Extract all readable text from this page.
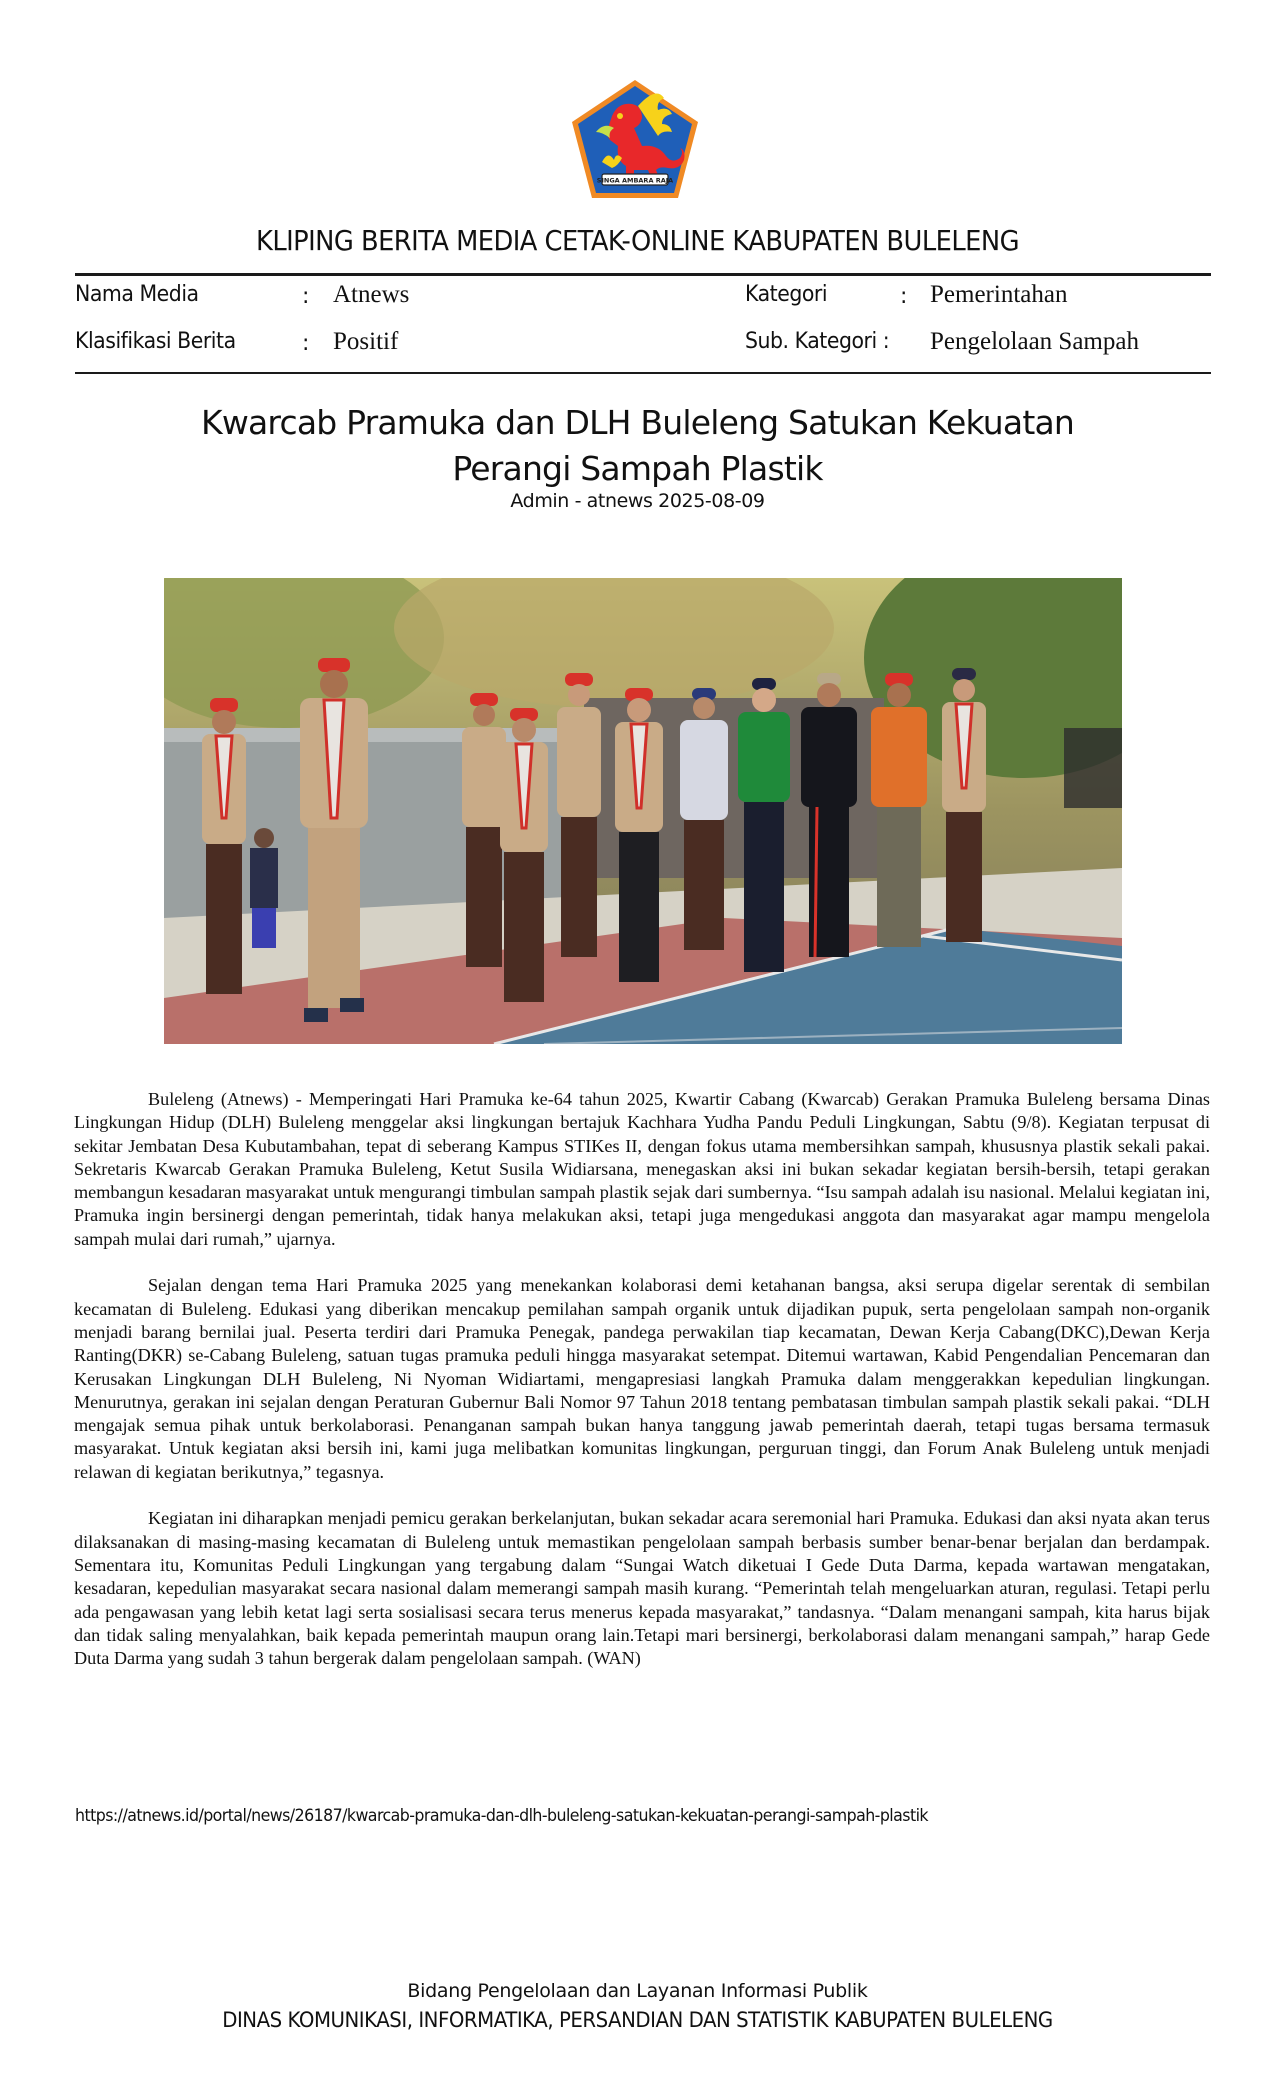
SINGA AMBARA RAJA
KLIPING BERITA MEDIA CETAK-ONLINE KABUPATEN BULELENG
Nama Media	: Atnews
Klasifikasi Berita	: Positif
Kategori	: Pemerintahan
Sub. Kategori : Pengelolaan Sampah
Kwarcab Pramuka dan DLH Buleleng Satukan Kekuatan
Perangi Sampah Plastik
Admin - atnews 2025-08-09

Buleleng (Atnews) - Memperingati Hari Pramuka ke-64 tahun 2025, Kwartir Cabang (Kwarcab) Gerakan Pramuka Buleleng bersama Dinas Lingkungan Hidup (DLH) Buleleng menggelar aksi lingkungan bertajuk Kachhara Yudha Pandu Peduli Lingkungan, Sabtu (9/8). Kegiatan terpusat di sekitar Jembatan Desa Kubutambahan, tepat di seberang Kampus STIKes II, dengan fokus utama membersihkan sampah, khususnya plastik sekali pakai. Sekretaris Kwarcab Gerakan Pramuka Buleleng, Ketut Susila Widiarsana, menegaskan aksi ini bukan sekadar kegiatan bersih-bersih, tetapi gerakan membangun kesadaran masyarakat untuk mengurangi timbulan sampah plastik sejak dari sumbernya. “Isu sampah adalah isu nasional. Melalui kegiatan ini, Pramuka ingin bersinergi dengan pemerintah, tidak hanya melakukan aksi, tetapi juga mengedukasi anggota dan masyarakat agar mampu mengelola sampah mulai dari rumah,” ujarnya.

Sejalan dengan tema Hari Pramuka 2025 yang menekankan kolaborasi demi ketahanan bangsa, aksi serupa digelar serentak di sembilan kecamatan di Buleleng. Edukasi yang diberikan mencakup pemilahan sampah organik untuk dijadikan pupuk, serta pengelolaan sampah non-organik menjadi barang bernilai jual. Peserta terdiri dari Pramuka Penegak, pandega perwakilan tiap kecamatan, Dewan Kerja Cabang(DKC),Dewan Kerja Ranting(DKR) se-Cabang Buleleng, satuan tugas pramuka peduli hingga masyarakat setempat. Ditemui wartawan, Kabid Pengendalian Pencemaran dan Kerusakan Lingkungan DLH Buleleng, Ni Nyoman Widiartami, mengapresiasi langkah Pramuka dalam menggerakkan kepedulian lingkungan. Menurutnya, gerakan ini sejalan dengan Peraturan Gubernur Bali Nomor 97 Tahun 2018 tentang pembatasan timbulan sampah plastik sekali pakai. “DLH mengajak semua pihak untuk berkolaborasi. Penanganan sampah bukan hanya tanggung jawab pemerintah daerah, tetapi tugas bersama termasuk masyarakat. Untuk kegiatan aksi bersih ini, kami juga melibatkan komunitas lingkungan, perguruan tinggi, dan Forum Anak Buleleng untuk menjadi relawan di kegiatan berikutnya,” tegasnya.

Kegiatan ini diharapkan menjadi pemicu gerakan berkelanjutan, bukan sekadar acara seremonial hari Pramuka. Edukasi dan aksi nyata akan terus dilaksanakan di masing-masing kecamatan di Buleleng untuk memastikan pengelolaan sampah berbasis sumber benar-benar berjalan dan berdampak. Sementara itu, Komunitas Peduli Lingkungan yang tergabung dalam “Sungai Watch diketuai I Gede Duta Darma, kepada wartawan mengatakan, kesadaran, kepedulian masyarakat secara nasional dalam memerangi sampah masih kurang. “Pemerintah telah mengeluarkan aturan, regulasi. Tetapi perlu ada pengawasan yang lebih ketat lagi serta sosialisasi secara terus menerus kepada masyarakat,” tandasnya. “Dalam menangani sampah, kita harus bijak dan tidak saling menyalahkan, baik kepada pemerintah maupun orang lain.Tetapi mari bersinergi, berkolaborasi dalam menangani sampah,” harap Gede Duta Darma yang sudah 3 tahun bergerak dalam pengelolaan sampah. (WAN)

https://atnews.id/portal/news/26187/kwarcab-pramuka-dan-dlh-buleleng-satukan-kekuatan-perangi-sampah-plastik
Bidang Pengelolaan dan Layanan Informasi Publik
DINAS KOMUNIKASI, INFORMATIKA, PERSANDIAN DAN STATISTIK KABUPATEN BULELENG
